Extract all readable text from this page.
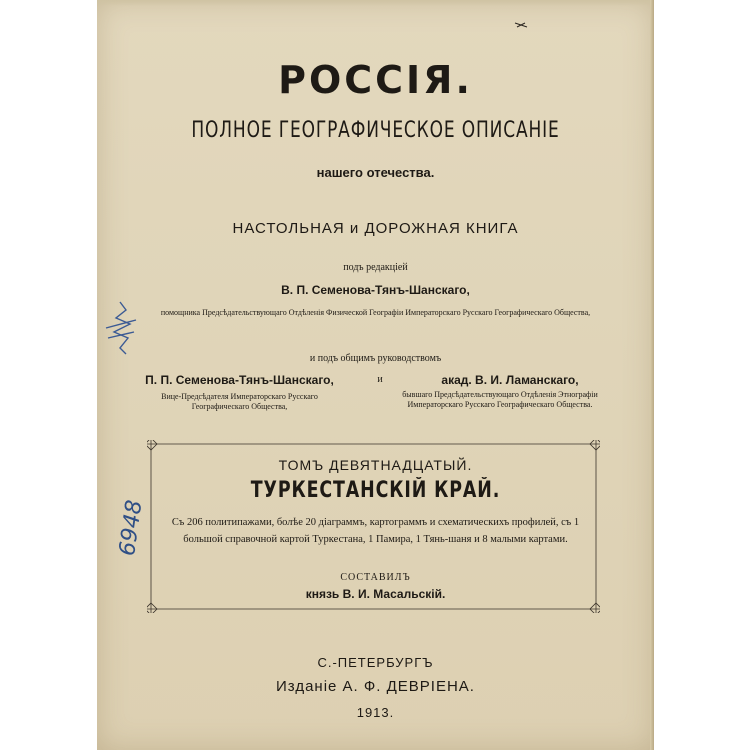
РОССІЯ.
ПОЛНОЕ ГЕОГРАФИЧЕСКОЕ ОПИСАНІЕ
нашего отечества.
НАСТОЛЬНАЯ и ДОРОЖНАЯ КНИГА
подъ редакцiей
В. П. Семенова-Тянъ-Шанскаго,
помощника Предсѣдательствующаго Отдѣленія Физической Географіи Императорскаго Русскаго Географическаго Общества,
и подъ общимъ руководствомъ
П. П. Семенова-Тянъ-Шанскаго,
Вице-Предсѣдателя Императорскаго Русскаго Географическаго Общества,
и	акад. В. И. Ламанскаго,
бывшаго Предсѣдательствующаго Отдѣленія Этнографіи Императорскаго Русскаго Географическаго Общества.
ТОМЪ ДЕВЯТНАДЦАТЫЙ.
ТУРКЕСТАНСКІЙ КРАЙ.
Съ 206 политипажами, болѣе 20 діаграммъ, картограммъ и схематическихъ профилей, съ 1 большой справочной картой Туркестана, 1 Памира, 1 Тянь-шаня и 8 малыми картами.
СОСТАВИЛЪ
князь В. И. Масальскій.
С.-ПЕТЕРБУРГЪ
Изданіе А. Ф. ДЕВРІЕНА.
1913.
6948
